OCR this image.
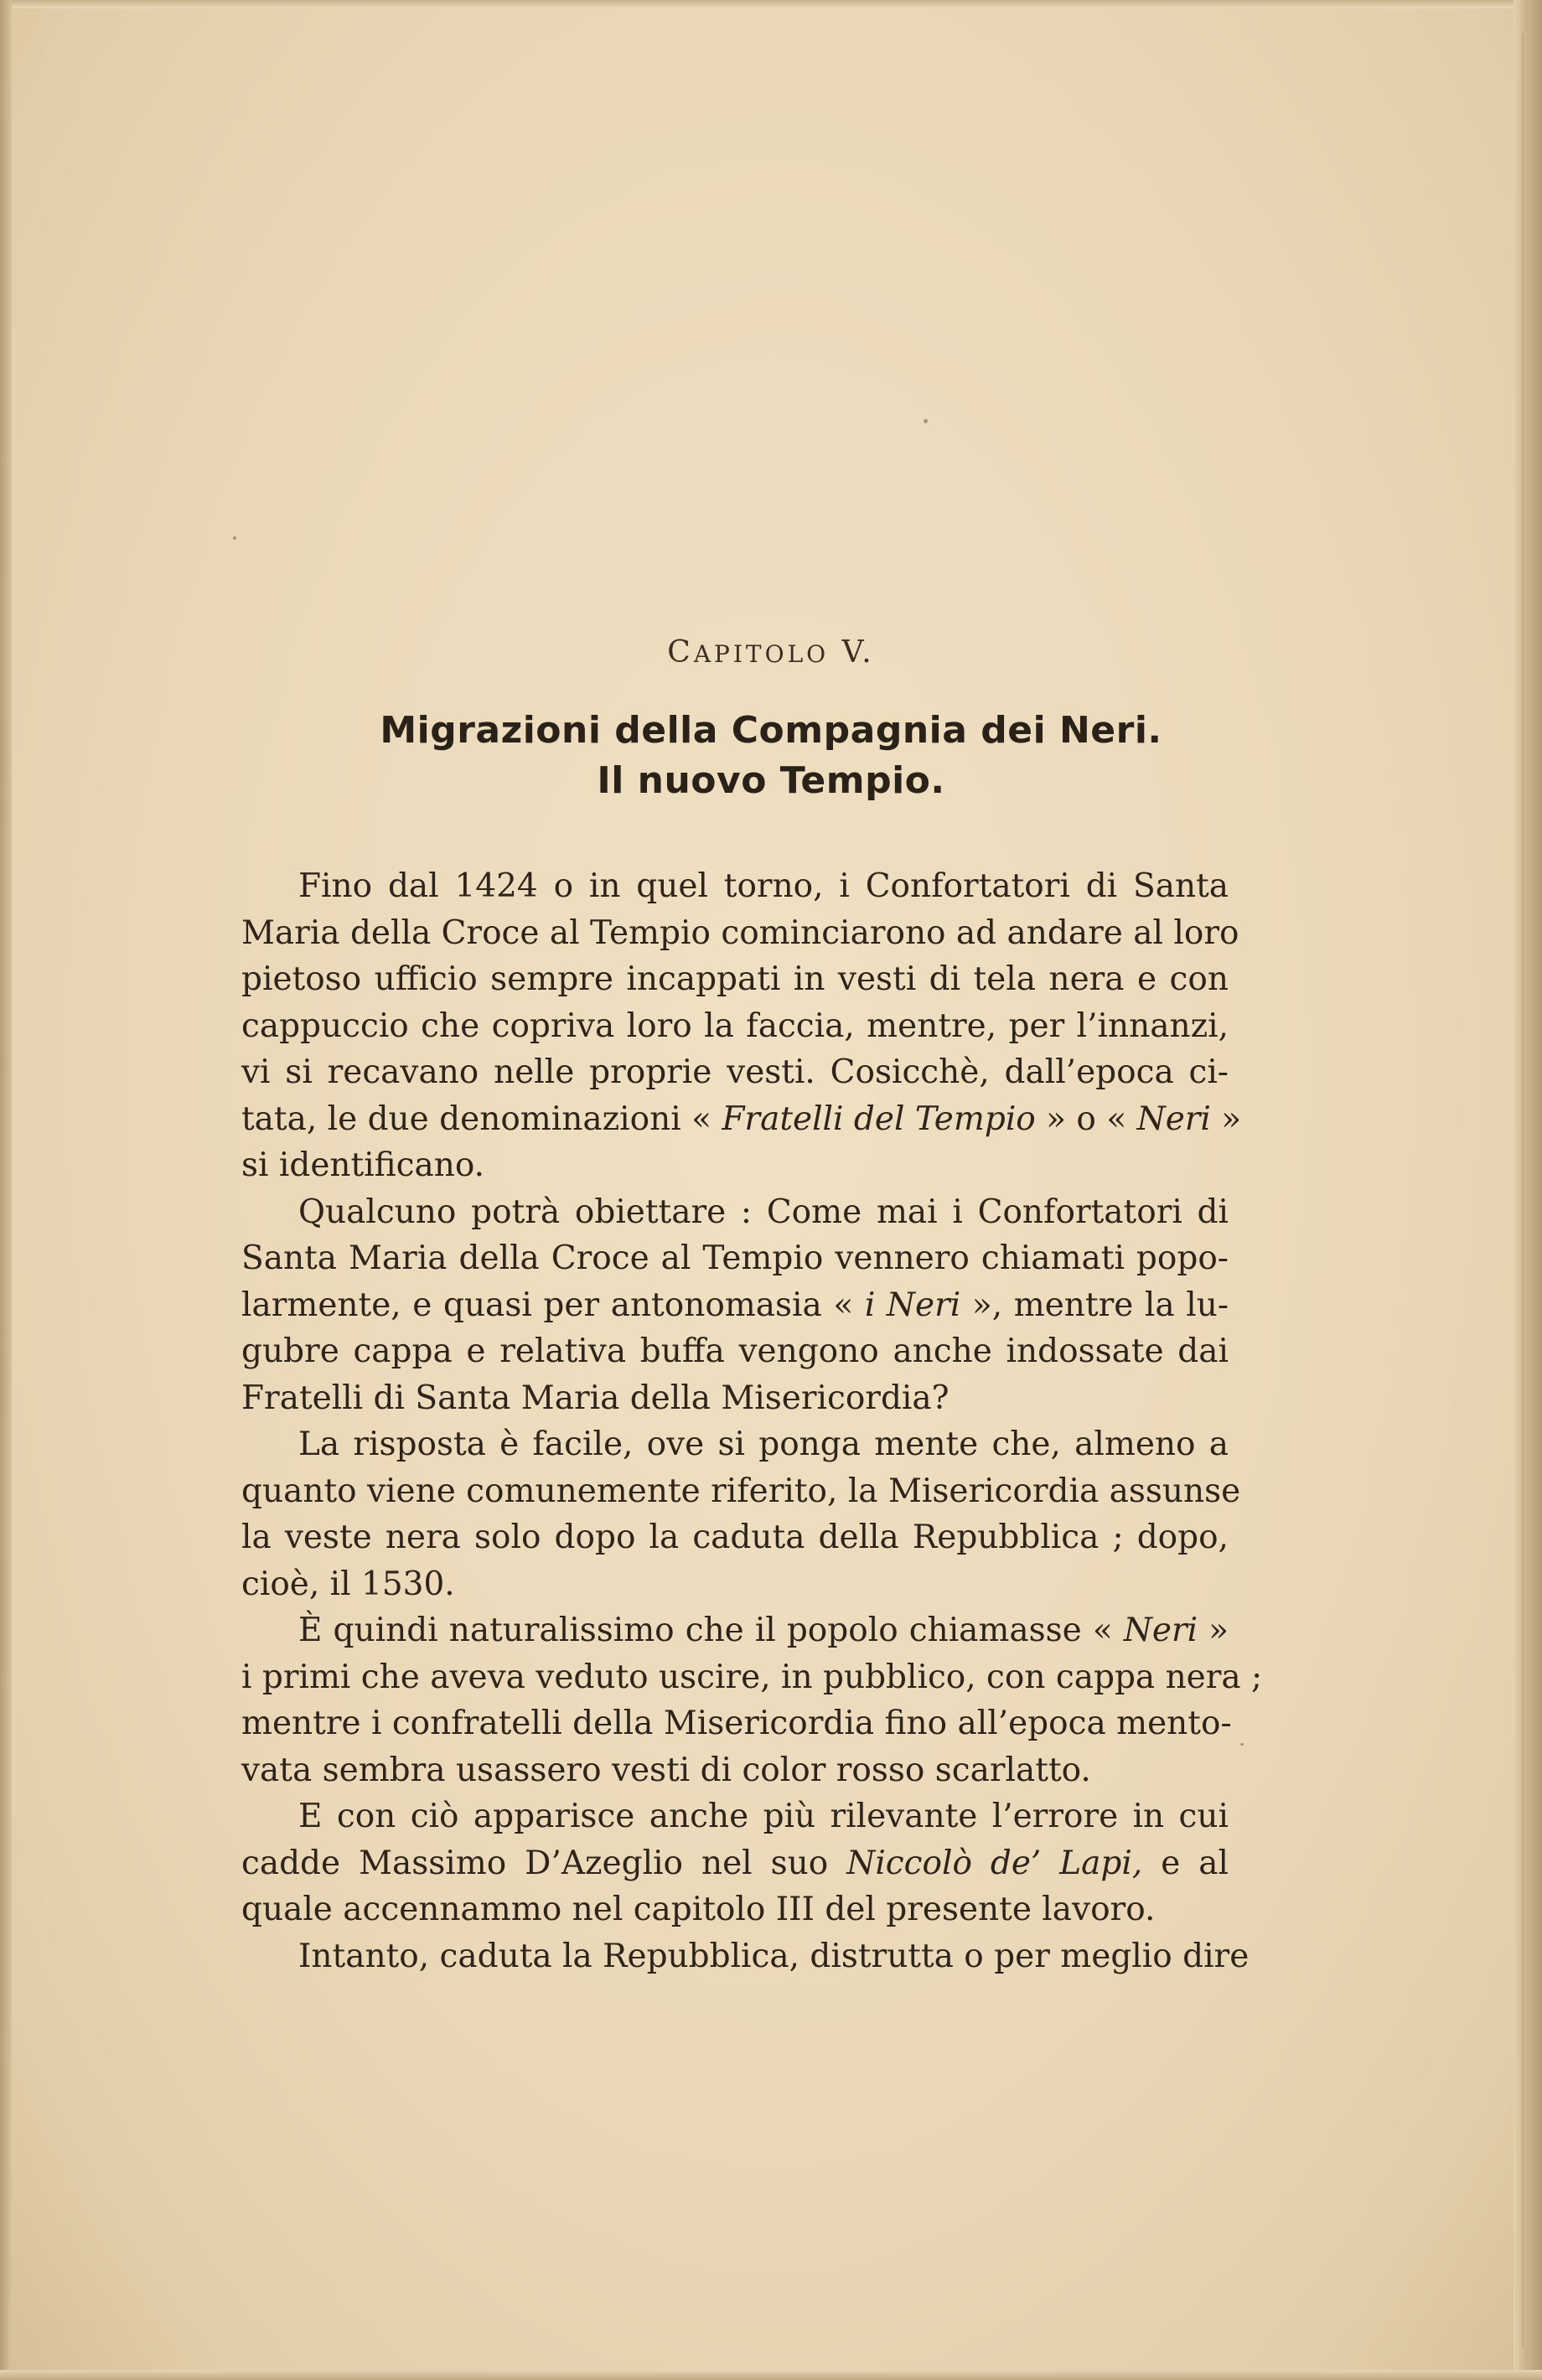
CAPITOLO V.
Migrazioni della Compagnia dei Neri.
Il nuovo Tempio.
Fino dal 1424 o in quel torno, i Confortatori di Santa
Maria della Croce al Tempio cominciarono ad andare al loro
pietoso ufficio sempre incappati in vesti di tela nera e con
cappuccio che copriva loro la faccia, mentre, per l’innanzi,
vi si recavano nelle proprie vesti. Cosicchè, dall’epoca ci-
tata, le due denominazioni « Fratelli del Tempio » o « Neri »
si identificano.
Qualcuno potrà obiettare : Come mai i Confortatori di
Santa Maria della Croce al Tempio vennero chiamati popo-
larmente, e quasi per antonomasia « i Neri », mentre la lu-
gubre cappa e relativa buffa vengono anche indossate dai
Fratelli di Santa Maria della Misericordia?
La risposta è facile, ove si ponga mente che, almeno a
quanto viene comunemente riferito, la Misericordia assunse
la veste nera solo dopo la caduta della Repubblica ; dopo,
cioè, il 1530.
È quindi naturalissimo che il popolo chiamasse « Neri »
i primi che aveva veduto uscire, in pubblico, con cappa nera ;
mentre i confratelli della Misericordia fino all’epoca mento-
vata sembra usassero vesti di color rosso scarlatto.
E con ciò apparisce anche più rilevante l’errore in cui
cadde Massimo D’Azeglio nel suo Niccolò de’ Lapi, e al
quale accennammo nel capitolo III del presente lavoro.
Intanto, caduta la Repubblica, distrutta o per meglio dire
